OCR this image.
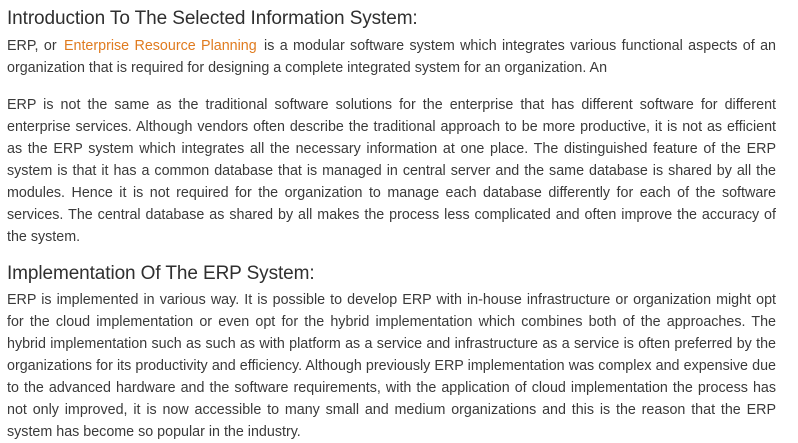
Introduction To The Selected Information System:

ERP, or Enterprise Resource Planning is a modular software system which integrates various functional aspects of an organization that is required for designing a complete integrated system for an organization. An

ERP is not the same as the traditional software solutions for the enterprise that has different software for different enterprise services. Although vendors often describe the traditional approach to be more productive, it is not as efficient as the ERP system which integrates all the necessary information at one place. The distinguished feature of the ERP system is that it has a common database that is managed in central server and the same database is shared by all the modules. Hence it is not required for the organization to manage each database differently for each of the software services. The central database as shared by all makes the process less complicated and often improve the accuracy of the system.

Implementation Of The ERP System:

ERP is implemented in various way. It is possible to develop ERP with in-house infrastructure or organization might opt for the cloud implementation or even opt for the hybrid implementation which combines both of the approaches. The hybrid implementation such as such as with platform as a service and infrastructure as a service is often preferred by the organizations for its productivity and efficiency. Although previously ERP implementation was complex and expensive due to the advanced hardware and the software requirements, with the application of cloud implementation the process has not only improved, it is now accessible to many small and medium organizations and this is the reason that the ERP system has become so popular in the industry.
